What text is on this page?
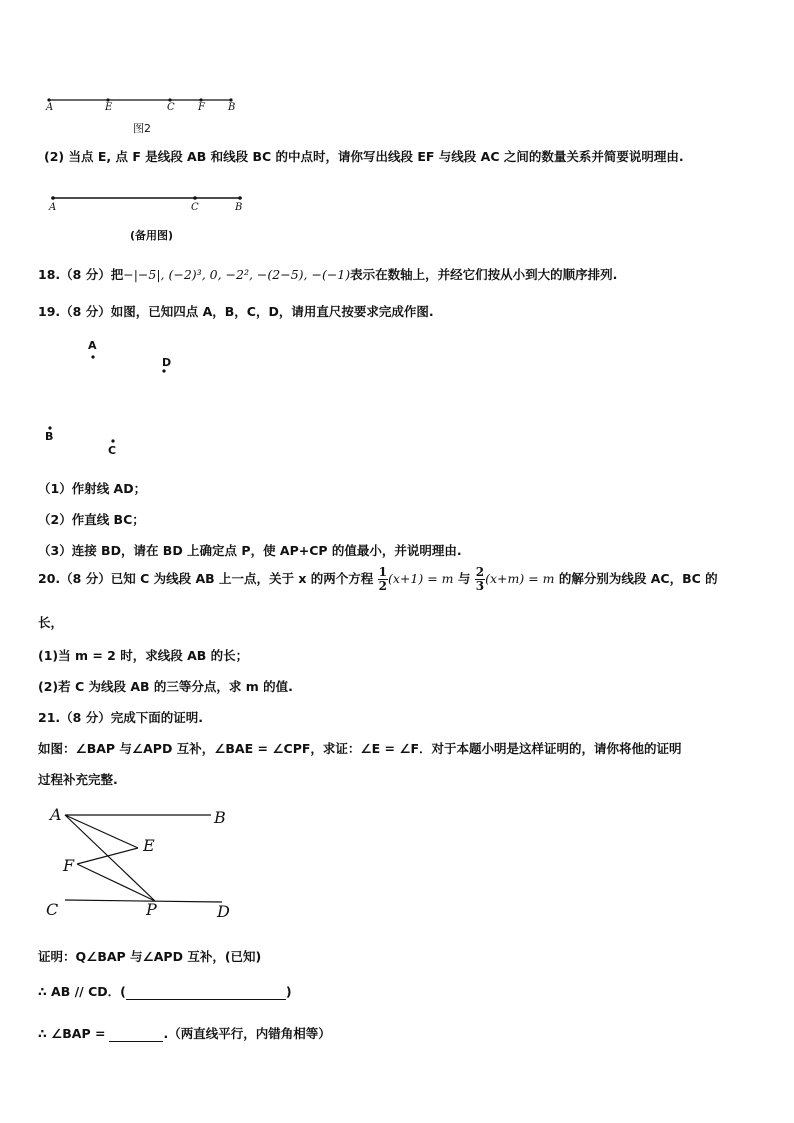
A	E	C F B
图2
(2) 当点 E, 点 F 是线段 AB 和线段 BC 的中点时，请你写出线段 EF 与线段 AC 之间的数量关系并简要说明理由.
A	C	B
(备用图)
18.（8 分）把−|−5|, (−2)³, 0, −2², −(2−5), −(−1)表示在数轴上，并经它们按从小到大的顺序排列.
19.（8 分）如图，已知四点 A，B，C，D，请用直尺按要求完成作图.
A
D
B
C
（1）作射线 AD；
（2）作直线 BC；
（3）连接 BD，请在 BD 上确定点 P，使 AP+CP 的值最小，并说明理由.
20.（8 分）已知 C 为线段 AB 上一点，关于 x 的两个方程 $\frac{1}{2} (x+1) = m$ 与 $\frac{2}{3} (x+m) = m$ 的解分别为线段 AC，BC 的
长，
(1)当 m = 2 时，求线段 AB 的长；
(2)若 C 为线段 AB 的三等分点，求 m 的值.
21.（8 分）完成下面的证明.
如图：∠BAP 与∠APD 互补，∠BAE = ∠CPF，求证：∠E = ∠F．对于本题小明是这样证明的，请你将他的证明
过程补充完整.
A	B
E
F
C	P	D
证明：Q∠BAP 与∠APD 互补，(已知)
∴ AB // CD．(	)
∴ ∠BAP =	.（两直线平行，内错角相等）
